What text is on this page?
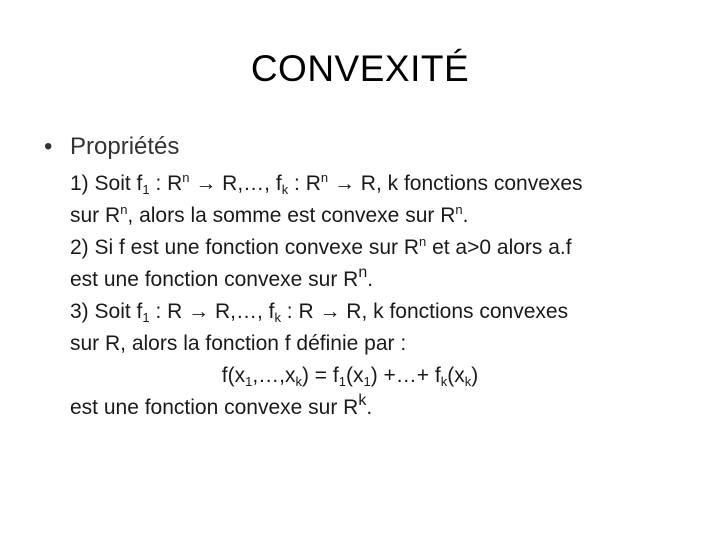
CONVEXITÉ
• Propriétés
1) Soit $f_1$ : $R^n$ → R,…, $f_k$ : $R^n \to R$, k fonctions convexes
sur $R^n$, alors la somme est convexe sur $R^n$.
2) Si f est une fonction convexe sur $R^n$ et a>0 alors a.f
est une fonction convexe sur $R^n$.
3) Soit $f_1$ : R → R,…, $f_k$ : R → R, k fonctions convexes
sur R, alors la fonction f définie par :
$f(x_1,\dots,x_k) = f_1(x_1)$ +…+ $f_k(x_k)$
est une fonction convexe sur $R^k$.
